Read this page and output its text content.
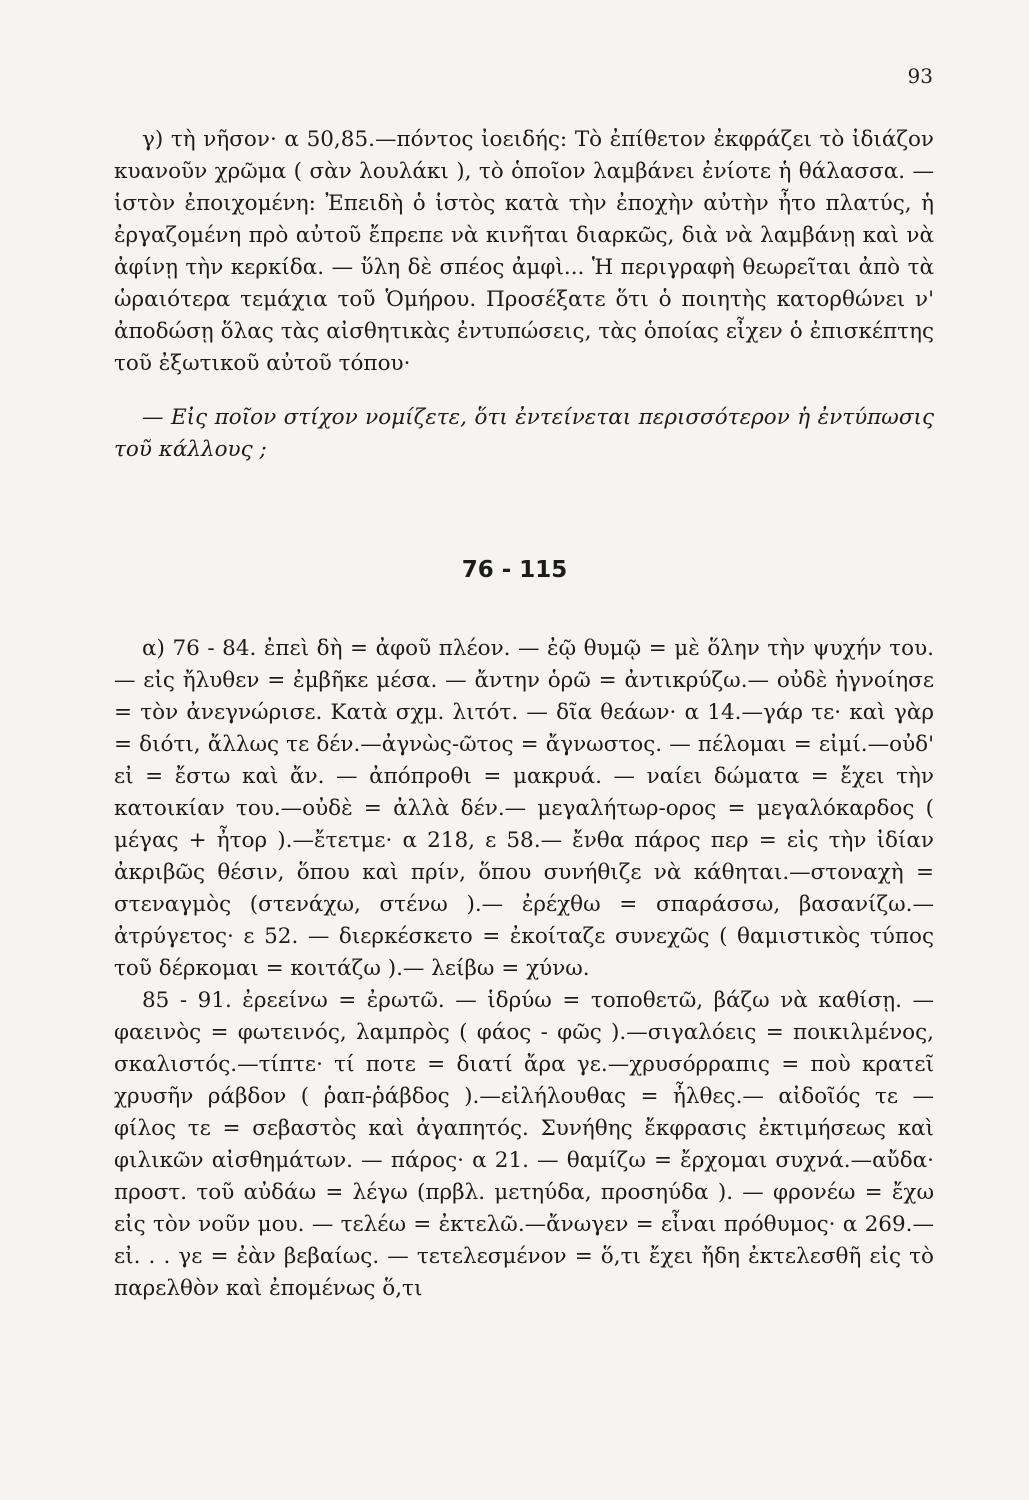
93

γ) τὴ νῆσον· α 50,85.—πόντος ἰοειδής: Τὸ ἐπίθετον ἐκφράζει τὸ ἰδιάζον κυανοῦν χρῶμα ( σὰν λουλάκι ), τὸ ὁποῖον λαμβάνει ἐνίοτε ἡ θάλασσα. — ἱστὸν ἐποιχομένη: Ἐπειδὴ ὁ ἱστὸς κατὰ τὴν ἐποχὴν αὐτὴν ἦτο πλατύς, ἡ ἐργαζομένη πρὸ αὐτοῦ ἔπρεπε νὰ κινῆται διαρκῶς, διὰ νὰ λαμβάνῃ καὶ νὰ ἀφίνῃ τὴν κερκίδα. — ὕλη δὲ σπέος ἀμφὶ... Ἡ περιγραφὴ θεωρεῖται ἀπὸ τὰ ὡραιότερα τεμάχια τοῦ Ὁμήρου. Προσέξατε ὅτι ὁ ποιητὴς κατορθώνει ν' ἀποδώσῃ ὅλας τὰς αἰσθητικὰς ἐντυπώσεις, τὰς ὁποίας εἶχεν ὁ ἐπισκέπτης τοῦ ἐξωτικοῦ αὐτοῦ τόπου·

— Εἰς ποῖον στίχον νομίζετε, ὅτι ἐντείνεται περισσότερον ἡ ἐντύπωσις τοῦ κάλλους ;

76 - 115

α) 76 - 84. ἐπεὶ δὴ = ἀφοῦ πλέον. — ἐῷ θυμῷ = μὲ ὅλην τὴν ψυχήν του. — εἰς ἤλυθεν = ἐμβῆκε μέσα. — ἄντην ὁρῶ = ἀντικρύζω.— οὐδὲ ἠγνοίησε = τὸν ἀνεγνώρισε. Κατὰ σχμ. λιτότ. — δῖα θεάων· α 14.—γάρ τε· καὶ γὰρ = διότι, ἄλλως τε δέν.—ἀγνὼς-ῶτος = ἄγνωστος. — πέλομαι = εἰμί.—οὐδ' εἰ = ἔστω καὶ ἄν. — ἀπόπροθι = μακρυά. — ναίει δώματα = ἔχει τὴν κατοικίαν του.—οὐδὲ = ἀλλὰ δέν.— μεγαλήτωρ-ορος = μεγαλόκαρδος ( μέγας + ἦτορ ).—ἔτετμε· α 218, ε 58.— ἔνθα πάρος περ = εἰς τὴν ἰδίαν ἀκριβῶς θέσιν, ὅπου καὶ πρίν, ὅπου συνήθιζε νὰ κάθηται.—στοναχὴ = στεναγμὸς (στενάχω, στένω ).— ἐρέχθω = σπαράσσω, βασανίζω.—ἀτρύγετος· ε 52. — διερκέσκετο = ἐκοίταζε συνεχῶς ( θαμιστικὸς τύπος τοῦ δέρκομαι = κοιτάζω ).— λείβω = χύνω.

85 - 91. ἐρεείνω = ἐρωτῶ. — ἱδρύω = τοποθετῶ, βάζω νὰ καθίσῃ. — φαεινὸς = φωτεινός, λαμπρὸς ( φάος - φῶς ).—σιγαλόεις = ποικιλμένος, σκαλιστός.—τίπτε· τί ποτε = διατί ἄρα γε.—χρυσόρραπις = ποὺ κρατεῖ χρυσῆν ράβδον ( ῥαπ-ῥάβδος ).—εἰλήλουθας = ἦλθες.— αἰδοῖός τε — φίλος τε = σεβαστὸς καὶ ἀγαπητός. Συνήθης ἔκφρασις ἐκτιμήσεως καὶ φιλικῶν αἰσθημάτων. — πάρος· α 21. — θαμίζω = ἔρχομαι συχνά.—αὔδα· προστ. τοῦ αὐδάω = λέγω (πρβλ. μετηύδα, προσηύδα ). — φρονέω = ἔχω εἰς τὸν νοῦν μου. — τελέω = ἐκτελῶ.—ἄνωγεν = εἶναι πρόθυμος· α 269.—εἰ. . . γε = ἐὰν βεβαίως. — τετελεσμένον = ὅ,τι ἔχει ἤδη ἐκτελεσθῆ εἰς τὸ παρελθὸν καὶ ἐπομένως ὅ,τι
